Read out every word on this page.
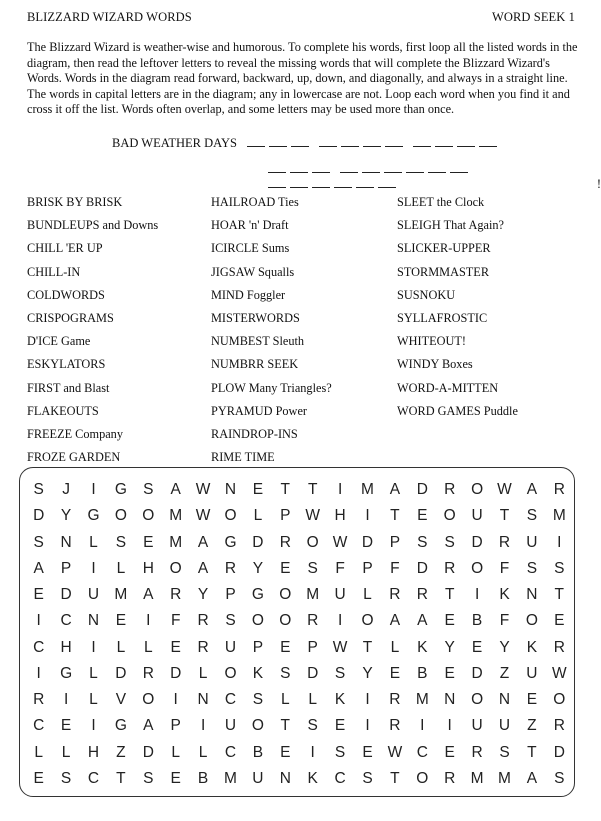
BLIZZARD WIZARD WORDS	WORD SEEK 1

The Blizzard Wizard is weather-wise and humorous. To complete his words, first loop all the listed words in the diagram, then read the leftover letters to reveal the missing words that will complete the Blizzard Wizard's Words. Words in the diagram read forward, backward, up, down, and diagonally, and always in a straight line. The words in capital letters are in the diagram; any in lowercase are not. Loop each word when you find it and cross it off the list. Words often overlap, and some letters may be used more than once.

BAD WEATHER DAYS
!
BRISK BY BRISK
BUNDLEUPS and Downs
CHILL 'ER UP
CHILL-IN
COLDWORDS
CRISPOGRAMS
D'ICE Game
ESKYLATORS
FIRST and Blast
FLAKEOUTS
FREEZE Company
FROZE GARDEN
HAILROAD Ties
HOAR 'n' Draft
ICIRCLE Sums
JIGSAW Squalls
MIND Foggler
MISTERWORDS
NUMBEST Sleuth
NUMBRR SEEK
PLOW Many Triangles?
PYRAMUD Power
RAINDROP-INS
RIME TIME
SLEET the Clock
SLEIGH That Again?
SLICKER-UPPER
STORMMASTER
SUSNOKU
SYLLAFROSTIC
WHITEOUT!
WINDY Boxes
WORD-A-MITTEN
WORD GAMES Puddle
S	J	I	G	S	A W N	E	T	T	I	M	A	D	R	O W A	R
D	Y	G O O M W O	L	P W H	I	T	E	O	U	T	S	M
S	N	L	S	E	M	A	G	D	R	O W D	P	S	S	D	R	U	I
A	P	I	L	H	O	A	R	Y	E	S	F	P	F	D	R	O	F	S	S
E	D	U M	A	R	Y	P	G O M U	L	R	R	T	I	K	N	T
I	C	N	E	I	F	R	S	O O	R	I	O	A	A	E	B	F	O	E
C	H	I	L	L	E	R	U	P	E	P W T	L	K	Y	E	Y	K	R
I	G	L	D	R	D	L	O	K	S	D	S	Y	E	B	E	D	Z	U W
R	I	L	V	O	I	N	C	S	L	L	K	I	R M N	O	N	E	O
C	E	I	G	A	P	I	U	O	T	S	E	I	R	I	I	U	U	Z	R
L	L	H	Z	D	L	L	C	B	E	I	S	E W C	E	R	S	T	D
E	S	C	T	S	E	B	M U	N	K	C	S	T	O	R M M	A	S
